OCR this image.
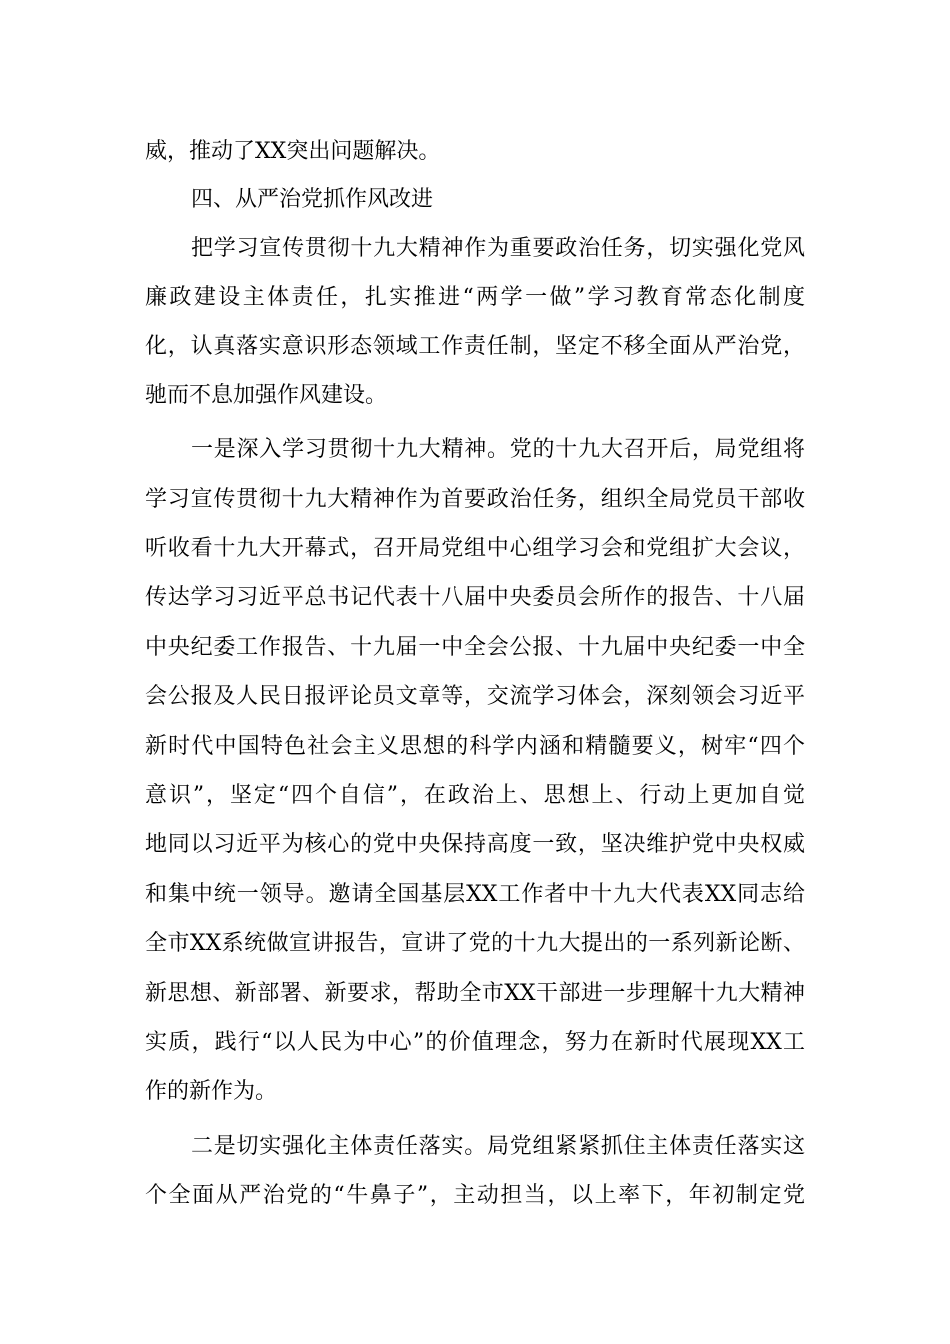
威，推动了XX突出问题解决。
四、从严治党抓作风改进
把学习宣传贯彻十九大精神作为重要政治任务，切实强化党风
廉政建设主体责任，扎实推进“两学一做”学习教育常态化制度
化，认真落实意识形态领域工作责任制，坚定不移全面从严治党，
驰而不息加强作风建设。
一是深入学习贯彻十九大精神。党的十九大召开后，局党组将
学习宣传贯彻十九大精神作为首要政治任务，组织全局党员干部收
听收看十九大开幕式，召开局党组中心组学习会和党组扩大会议，
传达学习习近平总书记代表十八届中央委员会所作的报告、十八届
中央纪委工作报告、十九届一中全会公报、十九届中央纪委一中全
会公报及人民日报评论员文章等，交流学习体会，深刻领会习近平
新时代中国特色社会主义思想的科学内涵和精髓要义，树牢“四个
意识”，坚定“四个自信”，在政治上、思想上、行动上更加自觉
地同以习近平为核心的党中央保持高度一致，坚决维护党中央权威
和集中统一领导。邀请全国基层XX工作者中十九大代表XX同志给
全市XX系统做宣讲报告，宣讲了党的十九大提出的一系列新论断、
新思想、新部署、新要求，帮助全市XX干部进一步理解十九大精神
实质，践行“以人民为中心”的价值理念，努力在新时代展现XX工
作的新作为。
二是切实强化主体责任落实。局党组紧紧抓住主体责任落实这
个全面从严治党的“牛鼻子”，主动担当，以上率下，年初制定党
